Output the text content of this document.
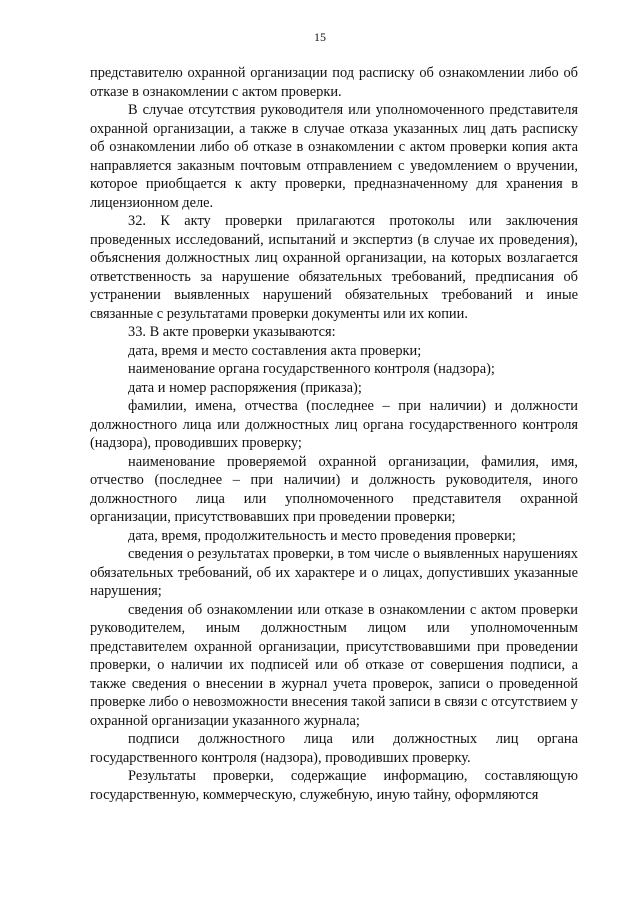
15

представителю охранной организации под расписку об ознакомлении либо об отказе в ознакомлении с актом проверки.

В случае отсутствия руководителя или уполномоченного представителя охранной организации, а также в случае отказа указанных лиц дать расписку об ознакомлении либо об отказе в ознакомлении с актом проверки копия акта направляется заказным почтовым отправлением с уведомлением о вручении, которое приобщается к акту проверки, предназначенному для хранения в лицензионном деле.

32. К акту проверки прилагаются протоколы или заключения проведенных исследований, испытаний и экспертиз (в случае их проведения), объяснения должностных лиц охранной организации, на которых возлагается ответственность за нарушение обязательных требований, предписания об устранении выявленных нарушений обязательных требований и иные связанные с результатами проверки документы или их копии.

33. В акте проверки указываются:

дата, время и место составления акта проверки;

наименование органа государственного контроля (надзора);

дата и номер распоряжения (приказа);

фамилии, имена, отчества (последнее – при наличии) и должности должностного лица или должностных лиц органа государственного контроля (надзора), проводивших проверку;

наименование проверяемой охранной организации, фамилия, имя, отчество (последнее – при наличии) и должность руководителя, иного должностного лица или уполномоченного представителя охранной организации, присутствовавших при проведении проверки;

дата, время, продолжительность и место проведения проверки;

сведения о результатах проверки, в том числе о выявленных нарушениях обязательных требований, об их характере и о лицах, допустивших указанные нарушения;

сведения об ознакомлении или отказе в ознакомлении с актом проверки руководителем, иным должностным лицом или уполномоченным представителем охранной организации, присутствовавшими при проведении проверки, о наличии их подписей или об отказе от совершения подписи, а также сведения о внесении в журнал учета проверок, записи о проведенной проверке либо о невозможности внесения такой записи в связи с отсутствием у охранной организации указанного журнала;

подписи должностного лица или должностных лиц органа государственного контроля (надзора), проводивших проверку.

Результаты проверки, содержащие информацию, составляющую государственную, коммерческую, служебную, иную тайну, оформляются
